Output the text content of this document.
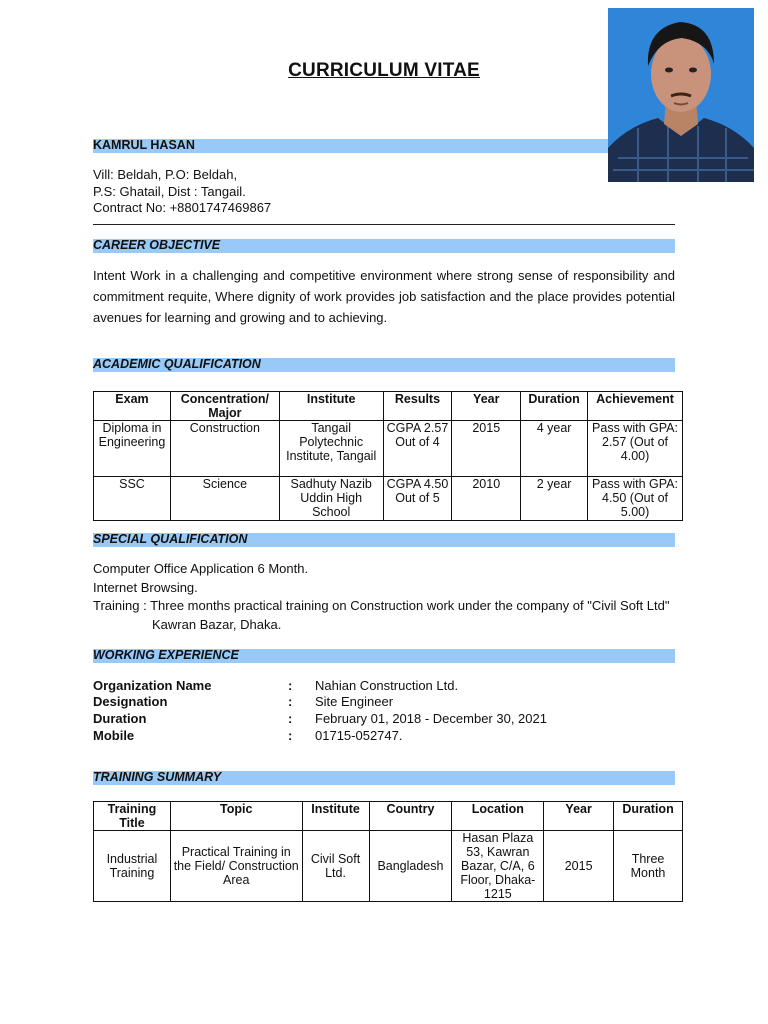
CURRICULUM VITAE
KAMRUL HASAN
Vill: Beldah, P.O: Beldah,
P.S: Ghatail, Dist : Tangail.
Contract No: +8801747469867
CAREER OBJECTIVE
Intent Work in a challenging and competitive environment where strong sense of responsibility and commitment requite, Where dignity of work provides job satisfaction and the place provides potential avenues for learning and growing and to achieving.
ACADEMIC QUALIFICATION
Exam	Concentration/ Major	Institute	Results	Year	Duration	Achievement
Diploma in Engineering	Construction	Tangail Polytechnic Institute, Tangail	CGPA 2.57 Out of 4	2015	4 year	Pass with GPA: 2.57 (Out of 4.00)
SSC	Science	Sadhuty Nazib Uddin High School	CGPA 4.50 Out of 5	2010	2 year	Pass with GPA: 4.50 (Out of 5.00)
SPECIAL QUALIFICATION
Computer Office Application 6 Month.
Internet Browsing.
Training : Three months practical training on Construction work under the company of "Civil Soft Ltd"
Kawran Bazar, Dhaka.
WORKING EXPERIENCE
Organization Name	: Nahian Construction Ltd.
Designation	: Site Engineer
Duration	: February 01, 2018 - December 30, 2021
Mobile	: 01715-052747.
TRAINING SUMMARY
Training Title	Topic	Institute	Country	Location	Year	Duration
Industrial Training	Practical Training in the Field/ Construction Area	Civil Soft Ltd.	Bangladesh	Hasan Plaza 53, Kawran Bazar, C/A, 6 Floor, Dhaka-1215	2015	Three Month
